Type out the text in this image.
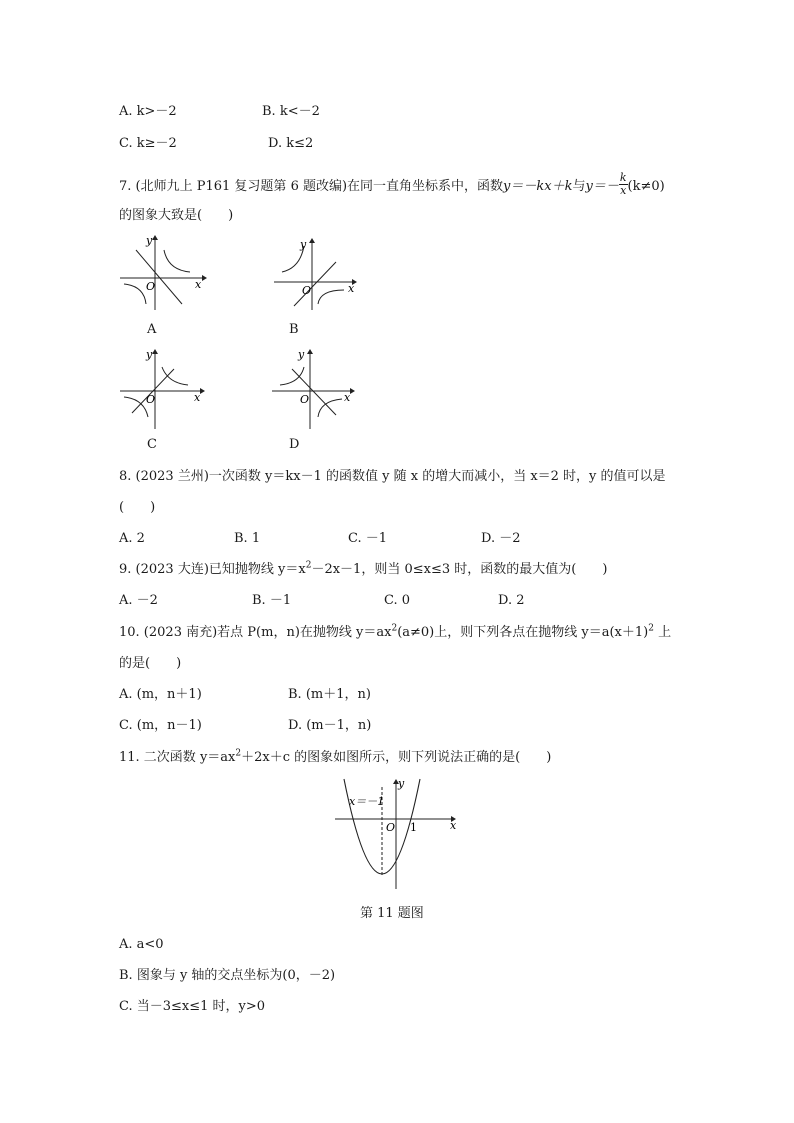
A. k>－2	B. k<－2
C. k≥－2	D. k≤2
7. (北师九上 P161 复习题第 6 题改编)在同一直角坐标系中，函数y＝－kx＋k与$y=- \frac{k}{x} (k\ne 0)$
的图象大致是(　　)
y
x
O
A
y
x
O
B
y
x
O
C
y
x
O
D
8. (2023 兰州)一次函数 y＝kx－1 的函数值 y 随 x 的增大而减小，当 x＝2 时，y 的值可以是
(　　)
A. 2	B. 1	C. －1	D. －2
9. (2023 大连)已知抛物线 $y=x^2-2x-1$，则当 0≤x≤3 时，函数的最大值为(　　)
A. －2	B. －1	C. 0	D. 2
10. (2023 南充)若点 P(m，n)在抛物线 $y=ax^2(a\ne 0)$上，则下列各点在抛物线 $y=a(x+1)^2$ 上
的是(　　)
A. (m，n＋1)	B. (m＋1，n)
C. (m，n－1)	D. (m－1，n)
11. 二次函数 $y=ax^2+2x+c$ 的图象如图所示，则下列说法正确的是(　　)
x＝－1
y
x
O 1
第 11 题图
A. a<0
B. 图象与 y 轴的交点坐标为(0，－2)
C. 当－3≤x≤1 时，y>0
